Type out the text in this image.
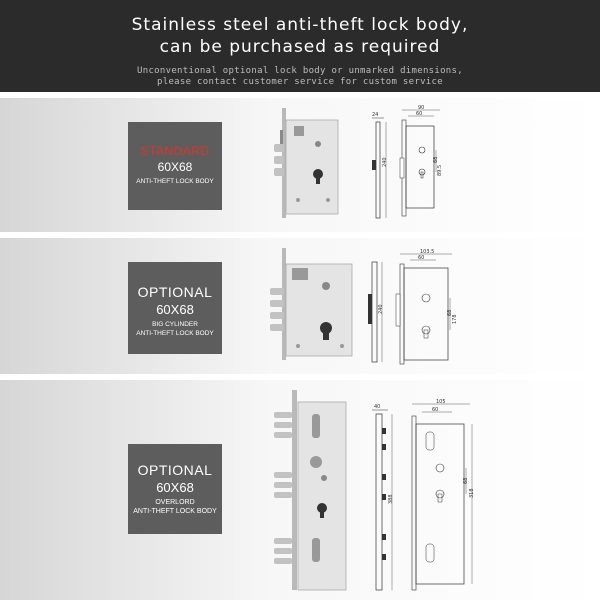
Stainless steel anti-theft lock body,
can be purchased as required
Unconventional optional lock body or unmarked dimensions,
please contact customer service for custom service
STANDARD
60X68
ANTI-THEFT LOCK BODY
24
240
90
60
68
89.5
OPTIONAL
60X68
BIG CYLINDER
ANTI-THEFT LOCK BODY
240
103.5
60
68
178
OPTIONAL
60X68
OVERLORD
ANTI-THEFT LOCK BODY
40
388
105
60
68
318
